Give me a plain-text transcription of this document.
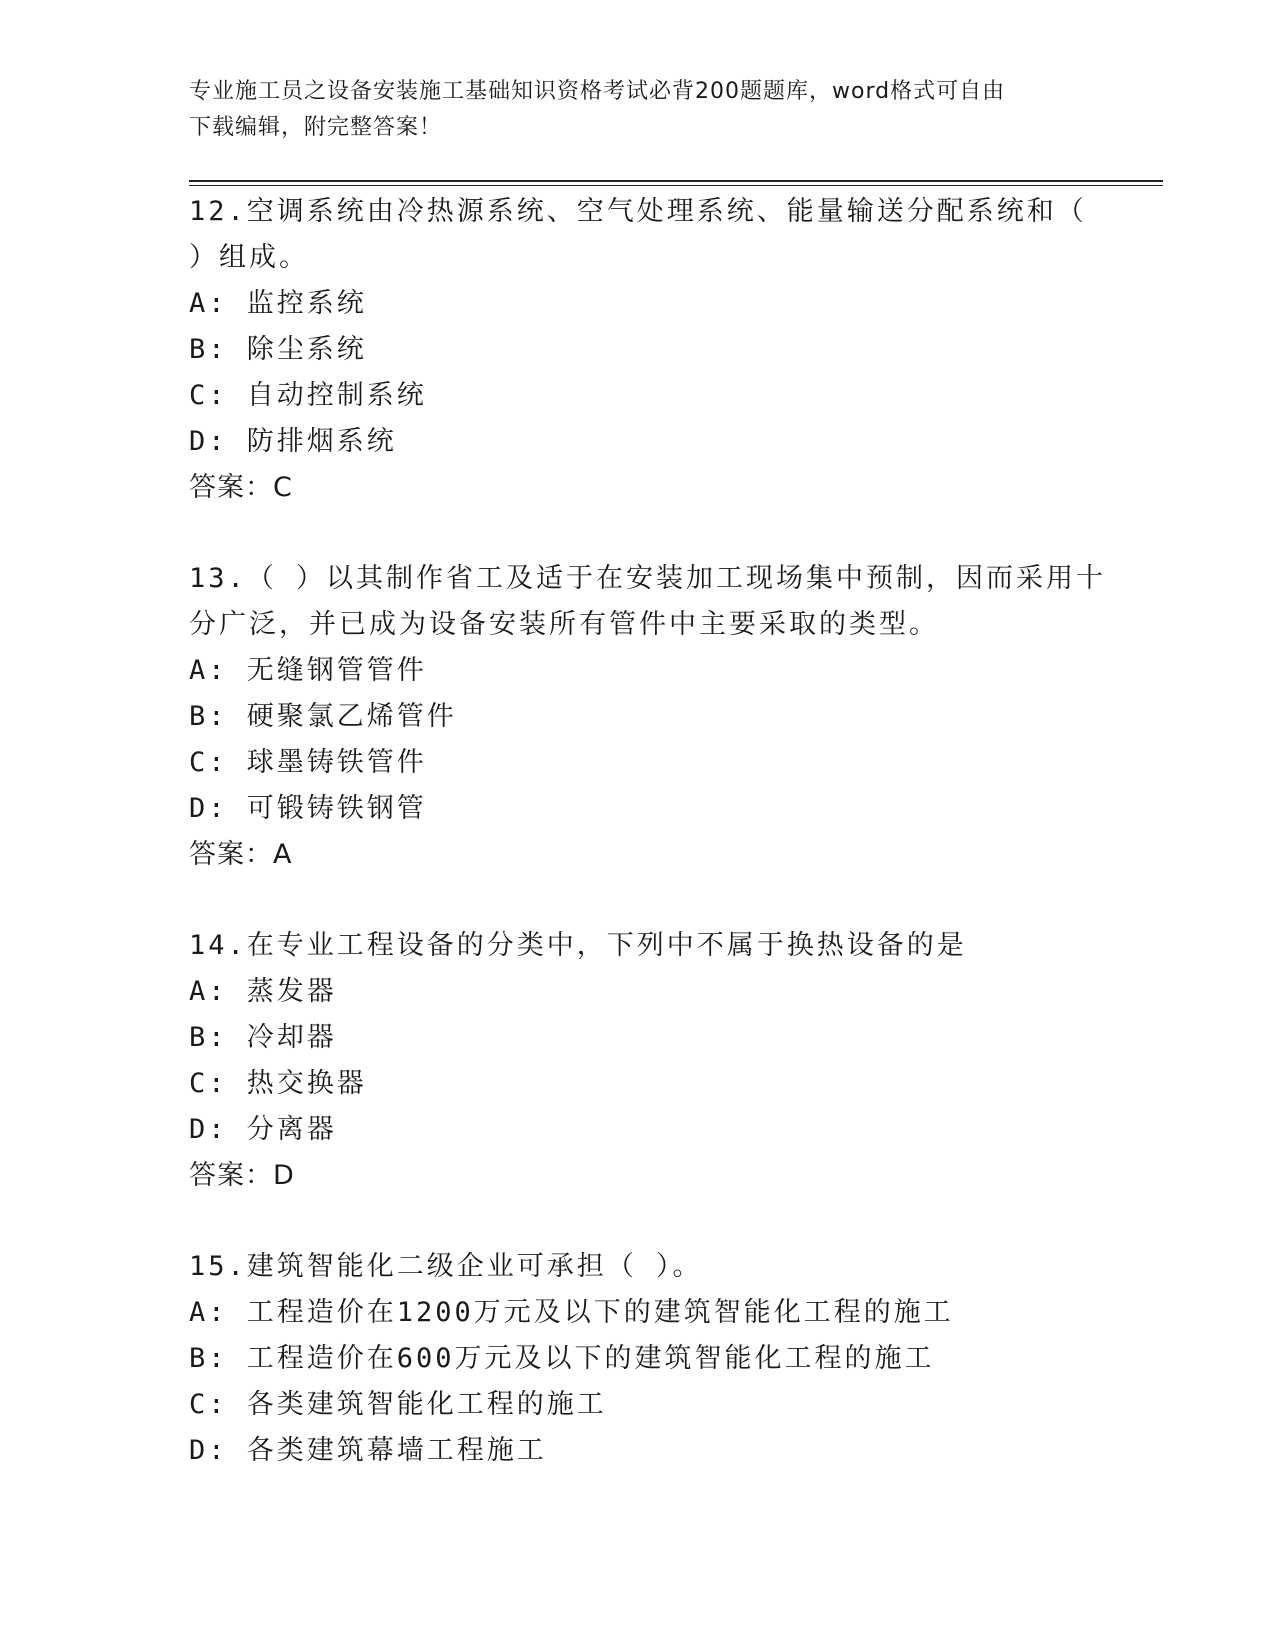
专业施工员之设备安装施工基础知识资格考试必背200题题库，word格式可自由
下载编辑，附完整答案！
12.空调系统由冷热源系统、空气处理系统、能量输送分配系统和（
）组成。
A: 监控系统
B: 除尘系统
C: 自动控制系统
D: 防排烟系统
答案：C
13.（ ）以其制作省工及适于在安装加工现场集中预制，因而采用十
分广泛，并已成为设备安装所有管件中主要采取的类型。
A: 无缝钢管管件
B: 硬聚氯乙烯管件
C: 球墨铸铁管件
D: 可锻铸铁钢管
答案：A
14.在专业工程设备的分类中，下列中不属于换热设备的是
A: 蒸发器
B: 冷却器
C: 热交换器
D: 分离器
答案：D
15.建筑智能化二级企业可承担（ ）。
A: 工程造价在1200万元及以下的建筑智能化工程的施工
B: 工程造价在600万元及以下的建筑智能化工程的施工
C: 各类建筑智能化工程的施工
D: 各类建筑幕墙工程施工
